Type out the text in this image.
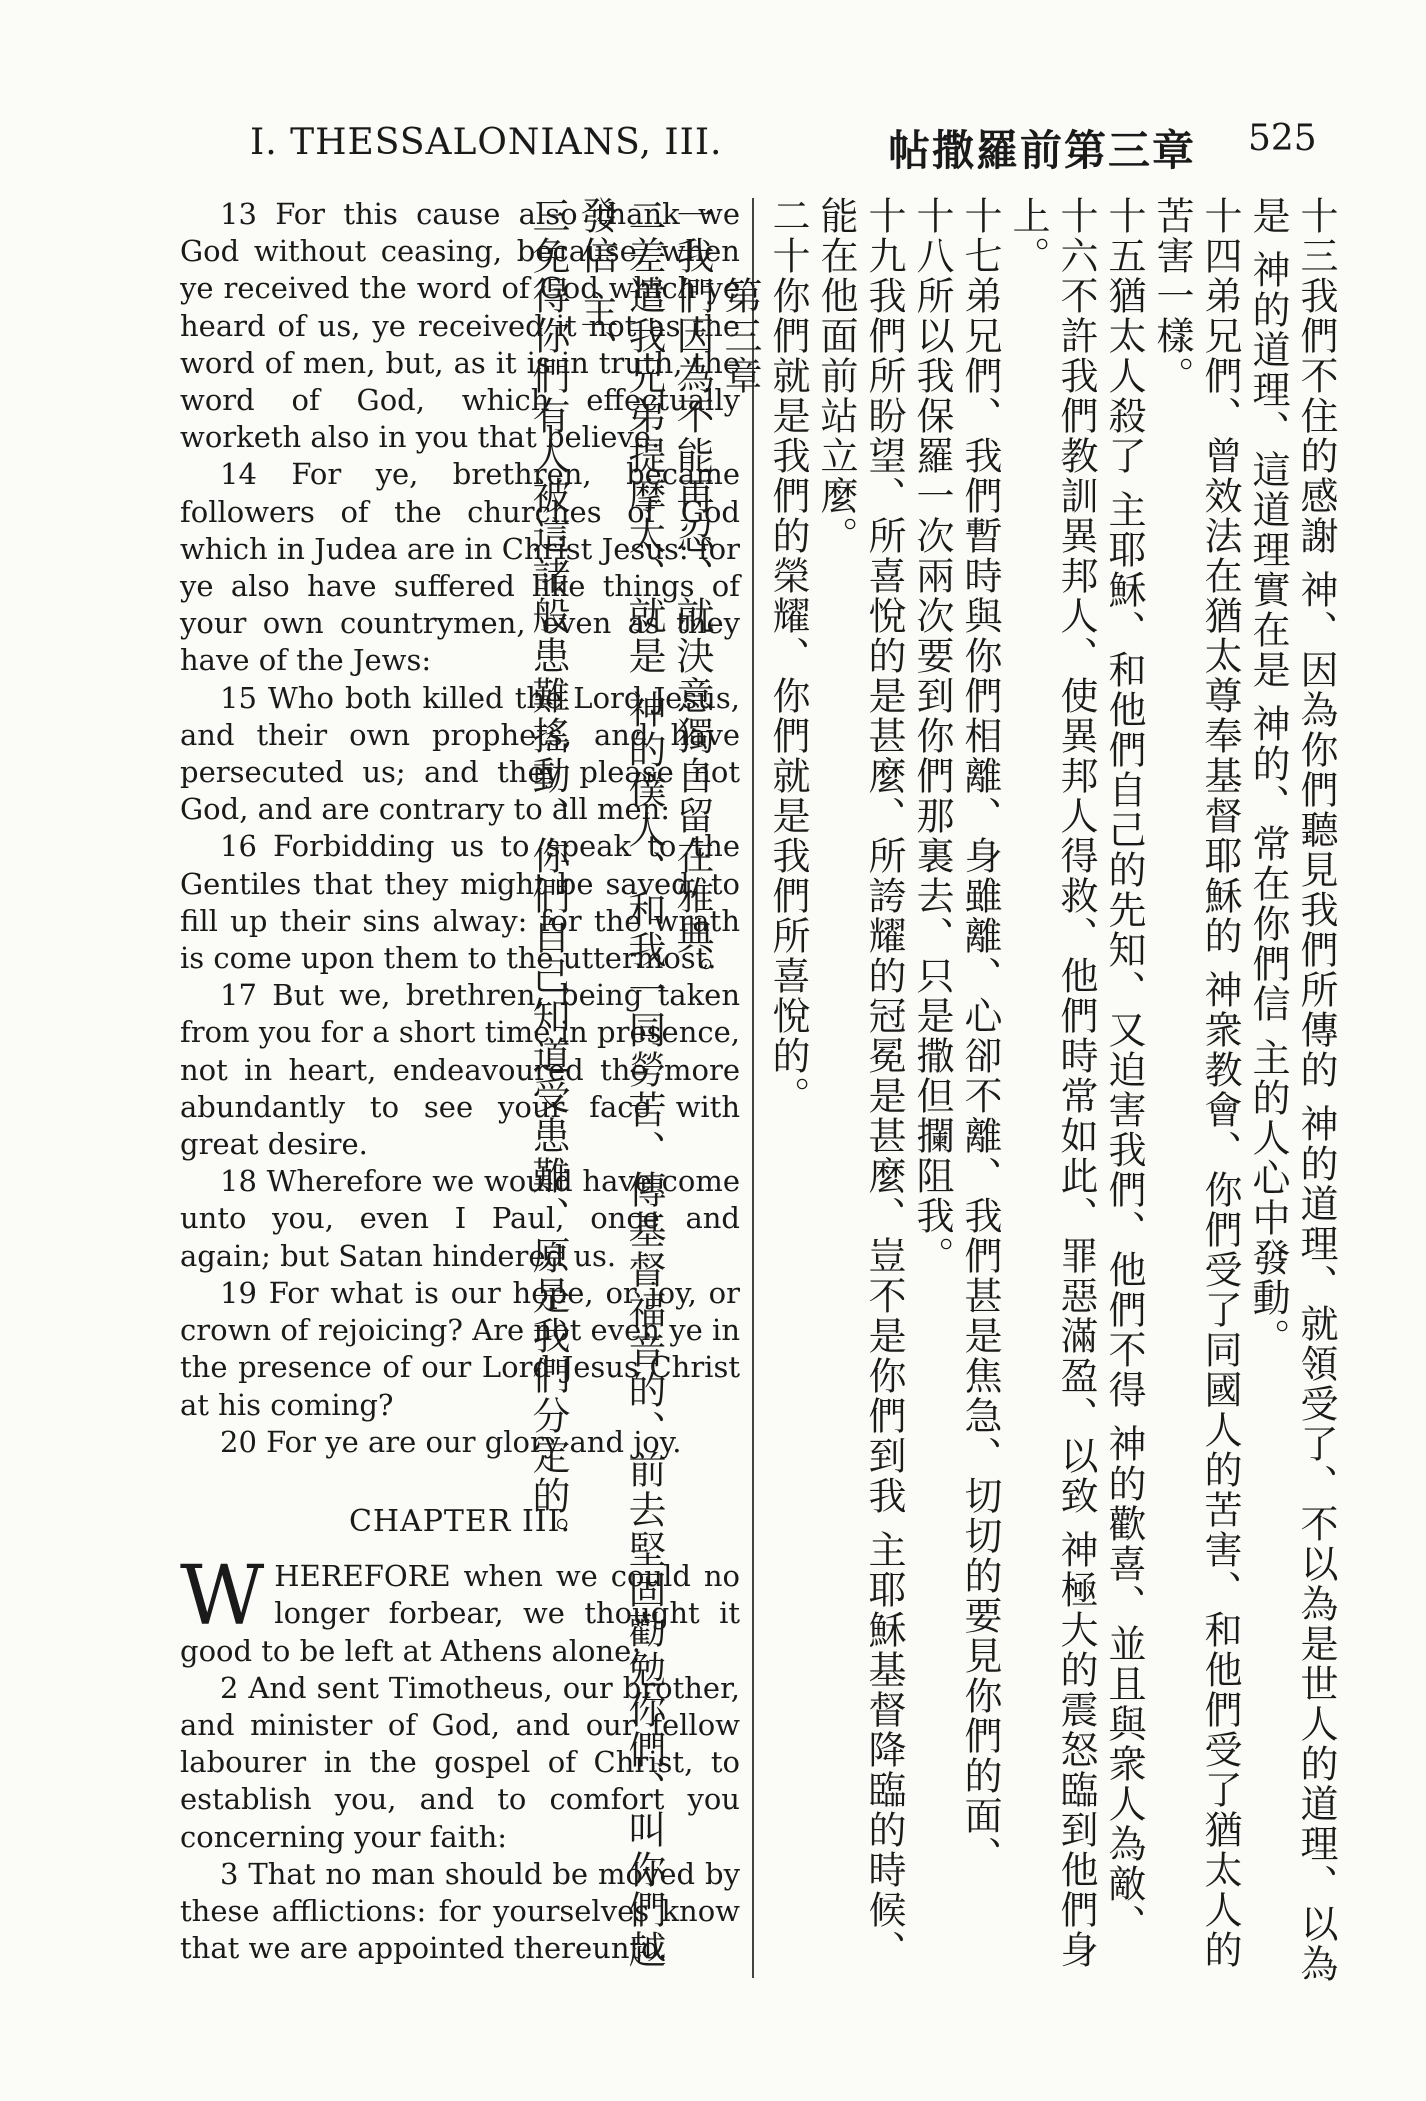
I. THESSALONIANS, III.	帖撒羅前第三章 525

13 For this cause also thank we God without ceasing, because, when ye received the word of God which ye heard of us, ye received it not as the word of men, but, as it is in truth, the word of God, which effectually worketh also in you that believe.

14 For ye, brethren, became followers of the churches of God which in Judea are in Christ Jesus: for ye also have suffered like things of your own countrymen, even as they have of the Jews:

15 Who both killed the Lord Jesus, and their own prophets, and have persecuted us; and they please not God, and are contrary to all men:

16 Forbidding us to speak to the Gentiles that they might be saved, to fill up their sins alway: for the wrath is come upon them to the uttermost.

17 But we, brethren, being taken from you for a short time in presence, not in heart, endeavoured the more abundantly to see your face with great desire.

18 Wherefore we would have come unto you, even I Paul, once and again; but Satan hindered us.

19 For what is our hope, or joy, or crown of rejoicing? Are not even ye in the presence of our Lord Jesus Christ at his coming?

20 For ye are our glory and joy.

CHAPTER III.

WHEREFORE when we could no longer forbear, we thought it good to be left at Athens alone;

2 And sent Timotheus, our brother, and minister of God, and our fellow labourer in the gospel of Christ, to establish you, and to comfort you concerning your faith:

3 That no man should be moved by these afflictions: for yourselves know that we are appointed thereunto.	十三我們不住的感謝 神、因為你們聽見我們所傳的 神的道理、就領受了、不以為是世人的道理、以為是 神的道理、這道理實在是 神的、常在你們信 主的人心中發動。

十四弟兄們、曾效法在猶太尊奉基督耶穌的 神衆教會、你們受了同國人的苦害、和他們受了猶太人的苦害一樣。

十五猶太人殺了 主耶穌、和他們自己的先知、又迫害我們、他們不得 神的歡喜、並且與衆人為敵、

十六不許我們教訓異邦人、使異邦人得救、他們時常如此、罪惡滿盈、以致 神極大的震怒臨到他們身上。

十七弟兄們、我們暫時與你們相離、身雖離、心卻不離、我們甚是焦急、切切的要見你們的面、

十八所以我保羅一次兩次要到你們那裏去、只是撒但攔阻我。

十九我們所盼望、所喜悅的是甚麼、所誇耀的冠冕是甚麼、豈不是你們到我 主耶穌基督降臨的時候、能在他面前站立麼。

二十你們就是我們的榮耀、你們就是我們所喜悅的。

第三章

一我們因為不能再忍、就決意獨自留在雅典。

二差遣我兄弟提摩太、就是 神的僕人、和我一同勞苦、傳基督福音的、前去堅固勸勉你們、叫你們越發信 主、

三免得你們有人被這諸般患難搖動、你們自己知道受患難、原是我們分定的。
